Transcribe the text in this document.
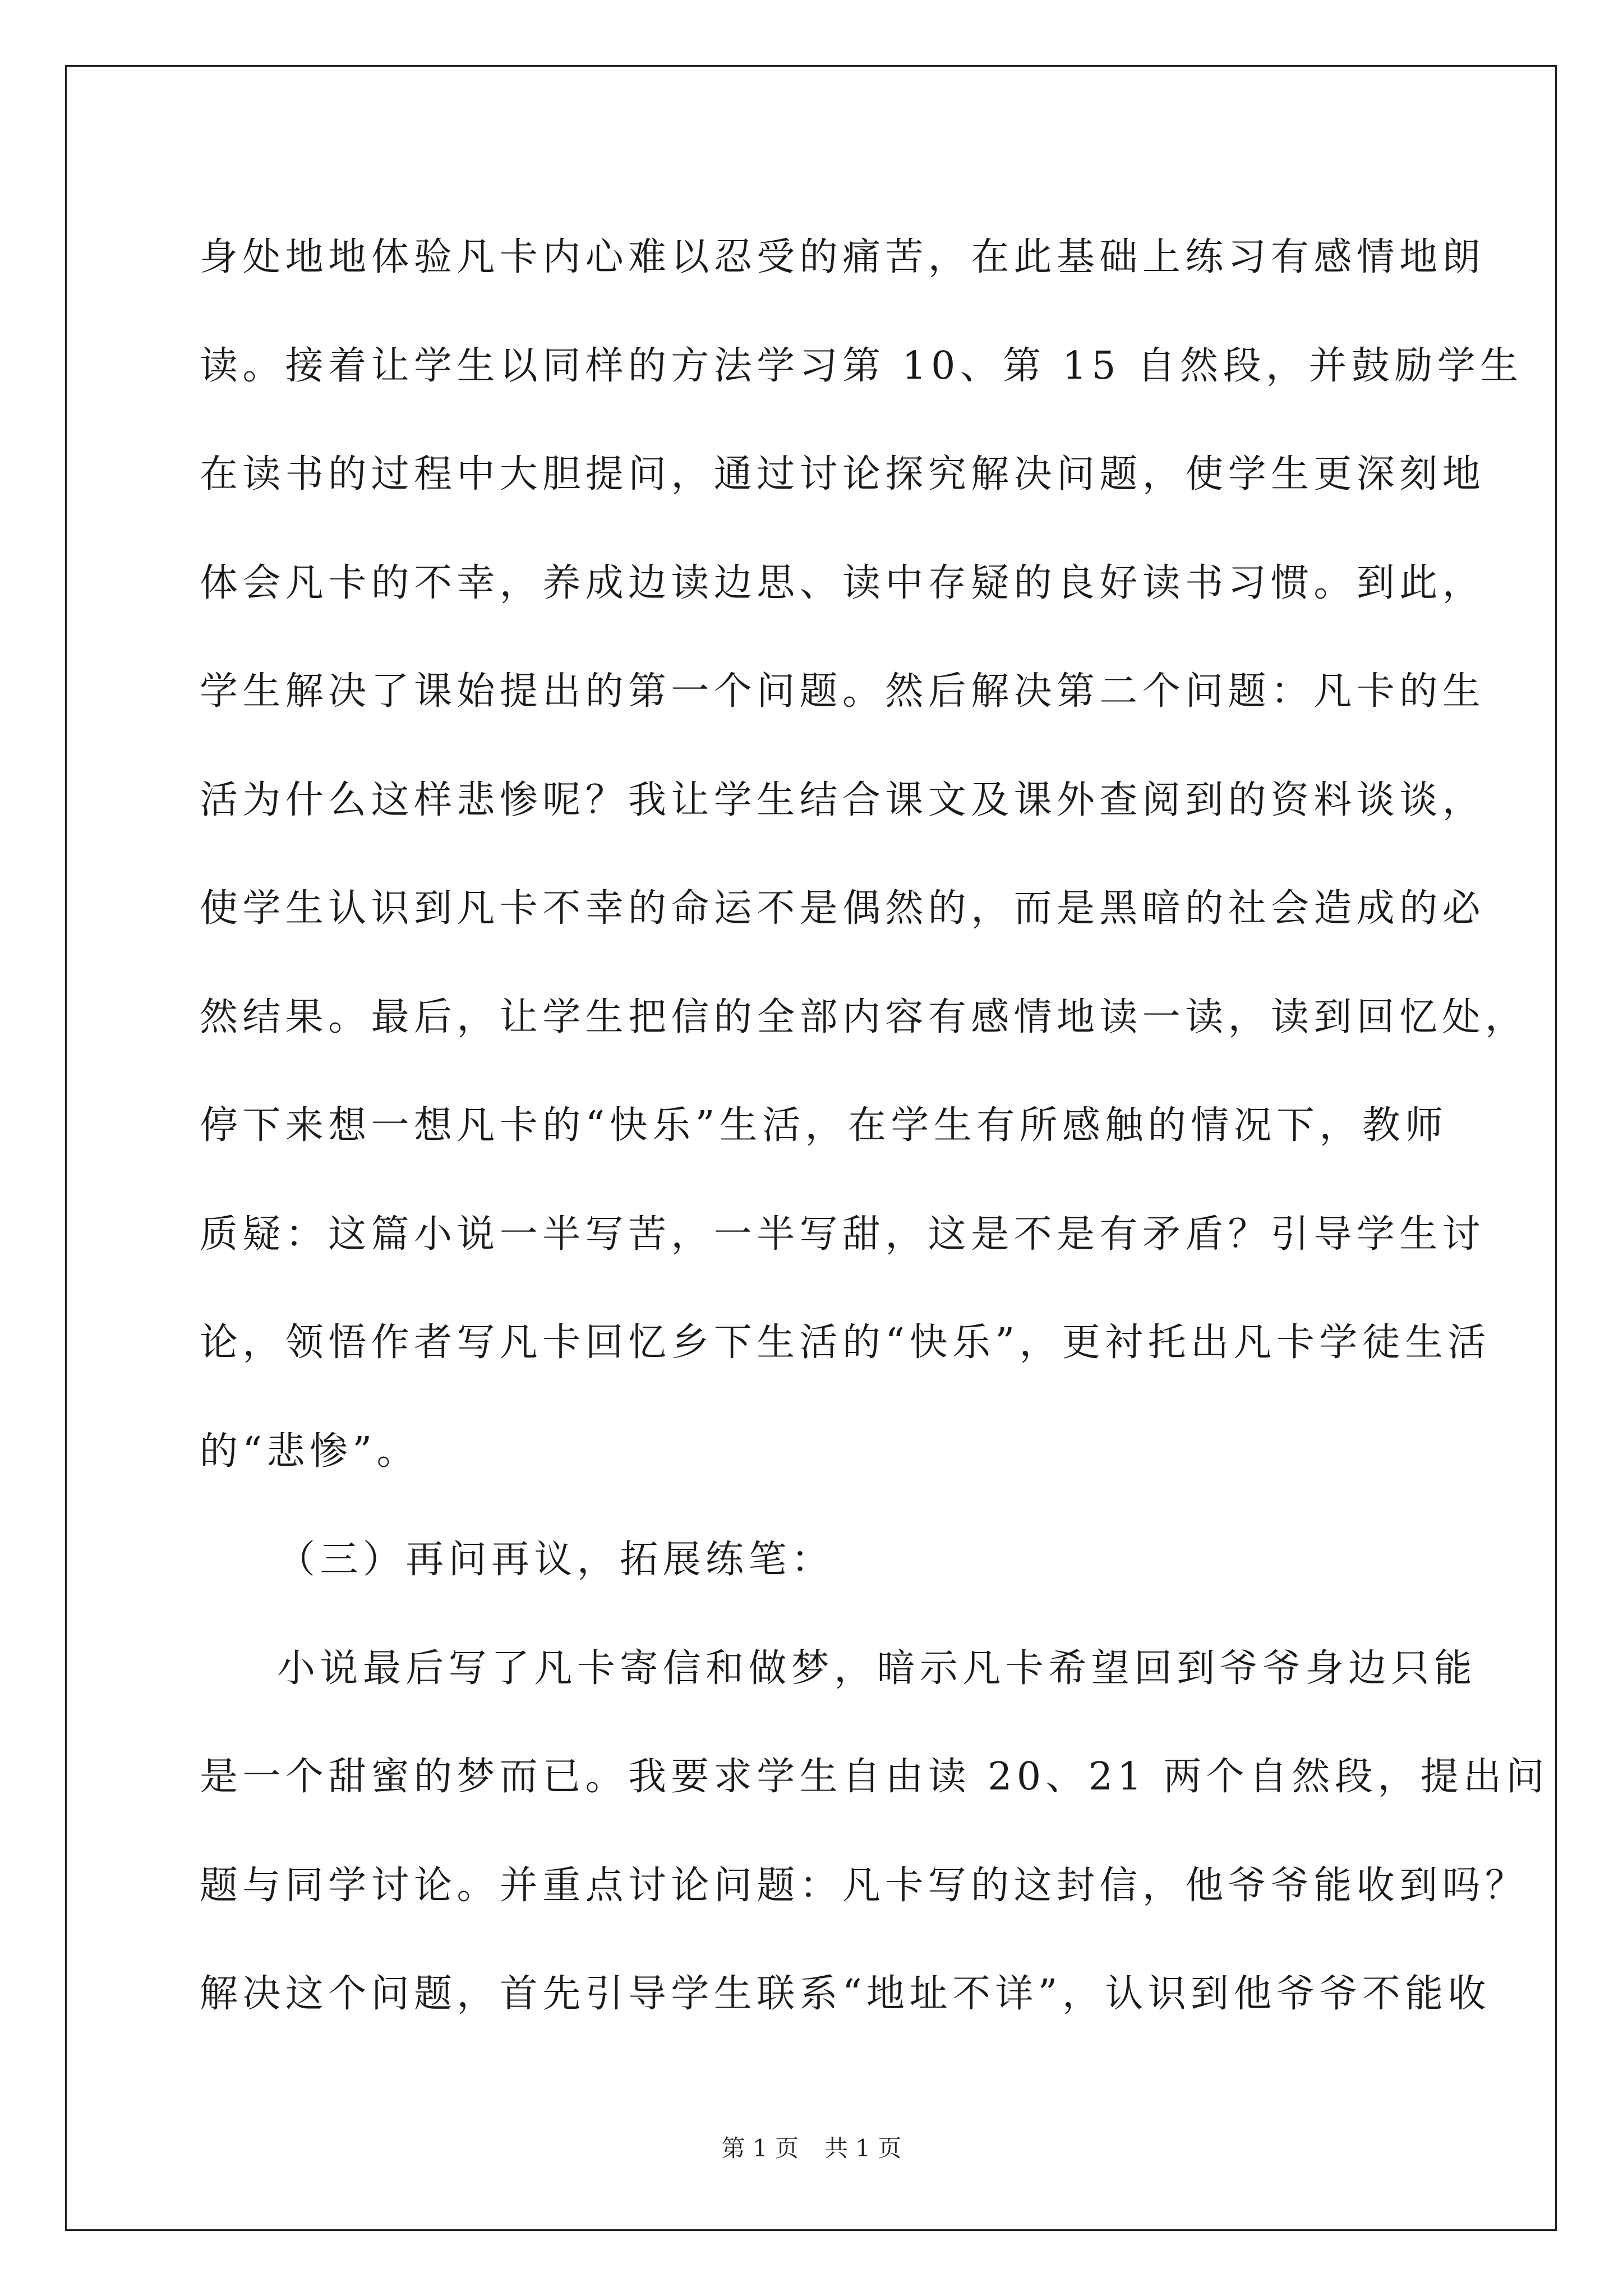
身处地地体验凡卡内心难以忍受的痛苦，在此基础上练习有感情地朗
读。接着让学生以同样的方法学习第 10、第 15 自然段，并鼓励学生
在读书的过程中大胆提问，通过讨论探究解决问题，使学生更深刻地
体会凡卡的不幸，养成边读边思、读中存疑的良好读书习惯。到此，
学生解决了课始提出的第一个问题。然后解决第二个问题：凡卡的生
活为什么这样悲惨呢？我让学生结合课文及课外查阅到的资料谈谈，
使学生认识到凡卡不幸的命运不是偶然的，而是黑暗的社会造成的必
然结果。最后，让学生把信的全部内容有感情地读一读，读到回忆处，
停下来想一想凡卡的“快乐”生活，在学生有所感触的情况下，教师
质疑：这篇小说一半写苦，一半写甜，这是不是有矛盾？引导学生讨
论，领悟作者写凡卡回忆乡下生活的“快乐”，更衬托出凡卡学徒生活
的“悲惨”。
（三）再问再议，拓展练笔：
小说最后写了凡卡寄信和做梦，暗示凡卡希望回到爷爷身边只能
是一个甜蜜的梦而已。我要求学生自由读 20、21 两个自然段，提出问
题与同学讨论。并重点讨论问题：凡卡写的这封信，他爷爷能收到吗？
解决这个问题，首先引导学生联系“地址不详”，认识到他爷爷不能收
第 1 页 共 1 页
